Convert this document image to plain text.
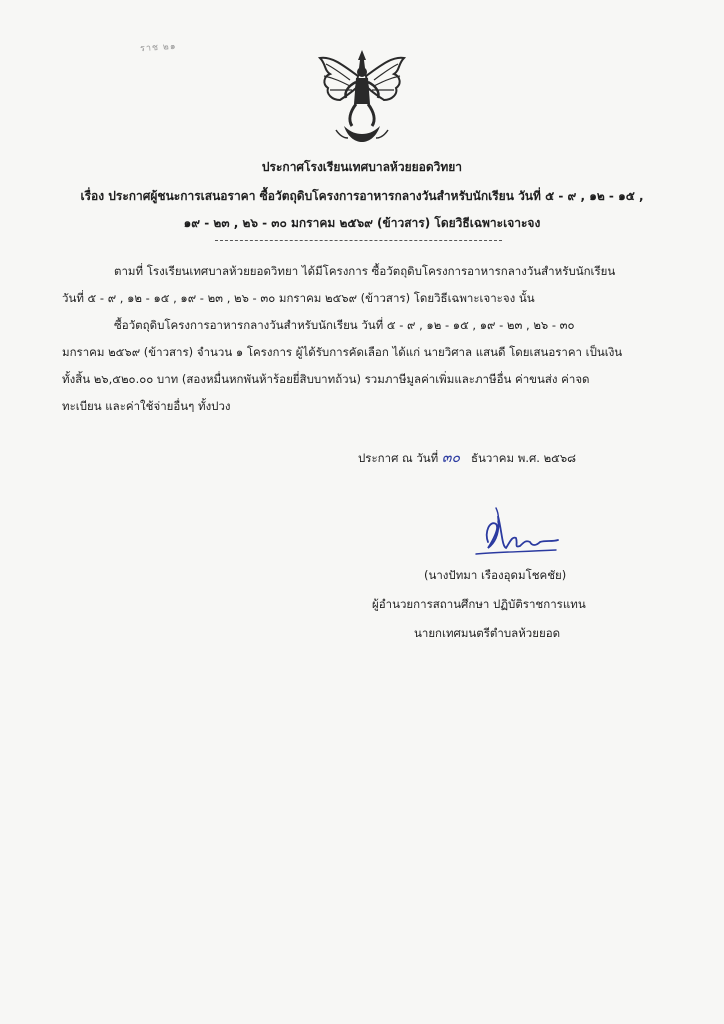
ราช ๒๑
ประกาศโรงเรียนเทศบาลห้วยยอดวิทยา
เรื่อง ประกาศผู้ชนะการเสนอราคา ซื้อวัตถุดิบโครงการอาหารกลางวันสำหรับนักเรียน วันที่ ๕ - ๙ , ๑๒ - ๑๕ ,
๑๙ - ๒๓ , ๒๖ - ๓๐ มกราคม ๒๕๖๙ (ข้าวสาร) โดยวิธีเฉพาะเจาะจง
ตามที่ โรงเรียนเทศบาลห้วยยอดวิทยา ได้มีโครงการ ซื้อวัตถุดิบโครงการอาหารกลางวันสำหรับนักเรียน
วันที่ ๕ - ๙ , ๑๒ - ๑๕ , ๑๙ - ๒๓ , ๒๖ - ๓๐ มกราคม ๒๕๖๙ (ข้าวสาร) โดยวิธีเฉพาะเจาะจง นั้น
ซื้อวัตถุดิบโครงการอาหารกลางวันสำหรับนักเรียน วันที่ ๕ - ๙ , ๑๒ - ๑๕ , ๑๙ - ๒๓ , ๒๖ - ๓๐
มกราคม ๒๕๖๙ (ข้าวสาร) จำนวน ๑ โครงการ ผู้ได้รับการคัดเลือก ได้แก่ นายวิศาล แสนดี โดยเสนอราคา เป็นเงิน
ทั้งสิ้น ๒๖,๕๒๐.๐๐ บาท (สองหมื่นหกพันห้าร้อยยี่สิบบาทถ้วน) รวมภาษีมูลค่าเพิ่มและภาษีอื่น ค่าขนส่ง ค่าจด
ทะเบียน และค่าใช้จ่ายอื่นๆ ทั้งปวง
ประกาศ ณ วันที่ ๓๐ ธันวาคม พ.ศ. ๒๕๖๘
(นางปัทมา เรืองอุดมโชคชัย)
ผู้อำนวยการสถานศึกษา ปฏิบัติราชการแทน
นายกเทศมนตรีตำบลห้วยยอด
